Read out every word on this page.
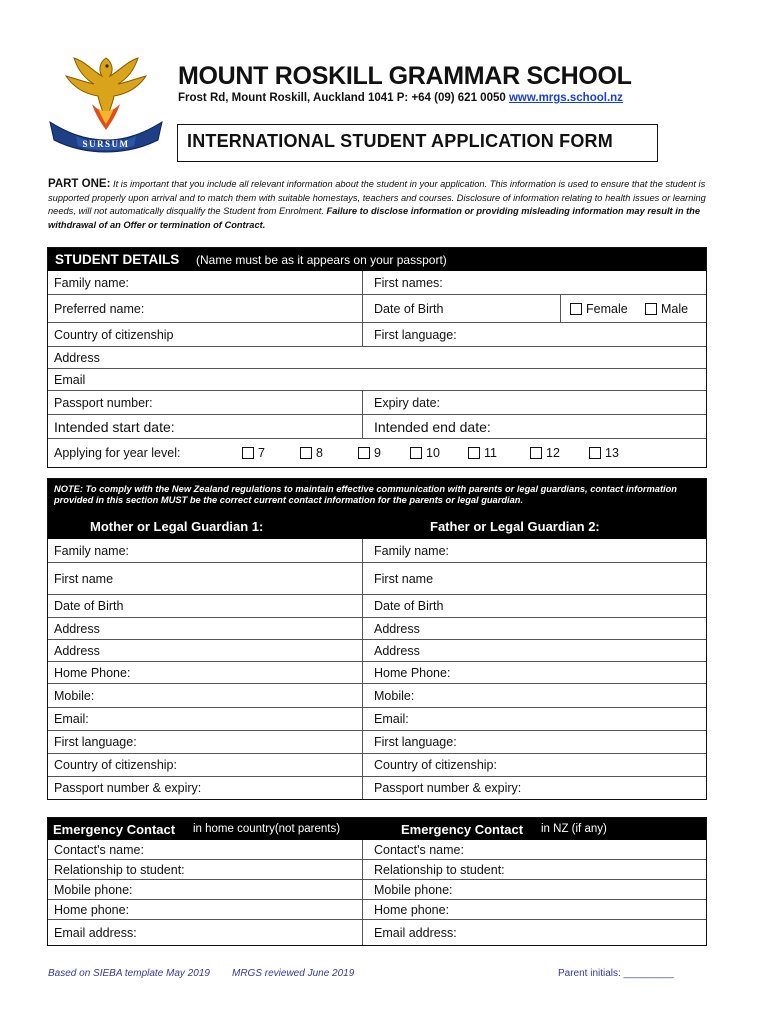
SURSUM
MOUNT ROSKILL GRAMMAR SCHOOL
Frost Rd, Mount Roskill, Auckland 1041 P: +64 (09) 621 0050 www.mrgs.school.nz
INTERNATIONAL STUDENT APPLICATION FORM
PART ONE: It is important that you include all relevant information about the student in your application. This information is used to ensure that the student is supported properly upon arrival and to match them with suitable homestays, teachers and courses. Disclosure of information relating to health issues or learning needs, will not automatically disqualify the Student from Enrolment. Failure to disclose information or providing misleading information may result in the withdrawal of an Offer or termination of Contract.
STUDENT DETAILS (Name must be as it appears on your passport)
Family name:	First names:
Preferred name:	Date of Birth	Female	Male
Country of citizenship	First language:
Address
Email
Passport number:	Expiry date:
Intended start date:	Intended end date:
Applying for year level:	7	8	9	10	11	12	13
NOTE: To comply with the New Zealand regulations to maintain effective communication with parents or legal guardians, contact information provided in this section MUST be the correct current contact information for the parents or legal guardian.
Mother or Legal Guardian 1:	Father or Legal Guardian 2:
Family name:	Family name:
First name	First name
Date of Birth	Date of Birth
Address	Address
Address	Address
Home Phone:	Home Phone:
Mobile:	Mobile:
Email:	Email:
First language:	First language:
Country of citizenship:	Country of citizenship:
Passport number & expiry:	Passport number & expiry:
Emergency Contact in home country(not parents)	Emergency Contact in NZ (if any)
Contact's name:	Contact's name:
Relationship to student:	Relationship to student:
Mobile phone:	Mobile phone:
Home phone:	Home phone:
Email address:	Email address:
Based on SIEBA template May 2019 MRGS reviewed June 2019	Parent initials: _________
